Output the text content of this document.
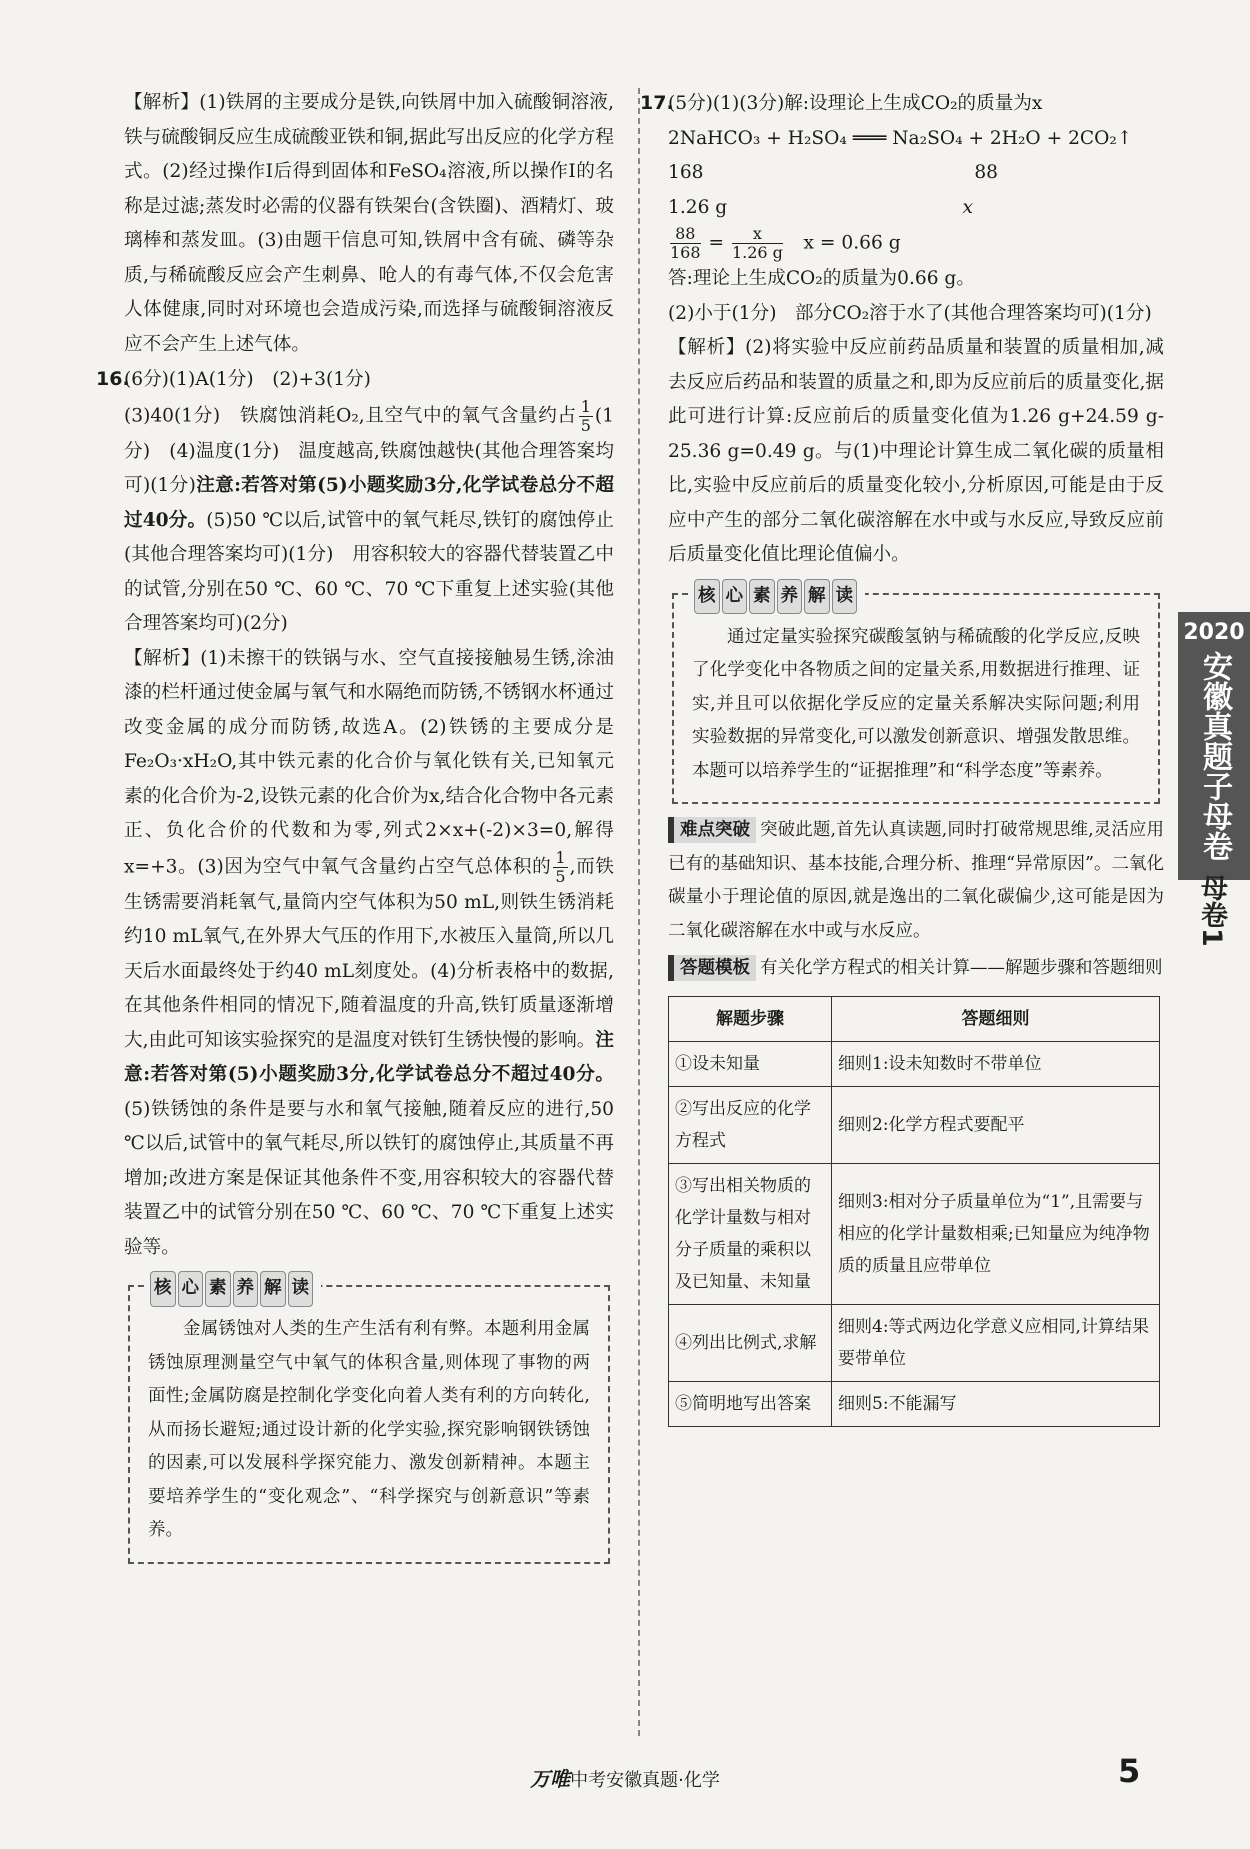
【解析】(1)铁屑的主要成分是铁,向铁屑中加入硫酸铜溶液,铁与硫酸铜反应生成硫酸亚铁和铜,据此写出反应的化学方程式。(2)经过操作Ⅰ后得到固体和FeSO₄溶液,所以操作Ⅰ的名称是过滤;蒸发时必需的仪器有铁架台(含铁圈)、酒精灯、玻璃棒和蒸发皿。(3)由题干信息可知,铁屑中含有硫、磷等杂质,与稀硫酸反应会产生刺鼻、呛人的有毒气体,不仅会危害人体健康,同时对环境也会造成污染,而选择与硫酸铜溶液反应不会产生上述气体。

16.(6分)(1)A(1分)　(2)+3(1分)

(3)40(1分)　铁腐蚀消耗O₂,且空气中的氧气含量约占 $\frac{1}{5} (1$分)　(4)温度(1分)　温度越高,铁腐蚀越快(其他合理答案均可)(1分)注意:若答对第(5)小题奖励3分,化学试卷总分不超过40分。(5)50 ℃以后,试管中的氧气耗尽,铁钉的腐蚀停止(其他合理答案均可)(1分)　用容积较大的容器代替装置乙中的试管,分别在50 ℃、60 ℃、70 ℃下重复上述实验(其他合理答案均可)(2分)

【解析】(1)未擦干的铁锅与水、空气直接接触易生锈,涂油漆的栏杆通过使金属与氧气和水隔绝而防锈,不锈钢水杯通过改变金属的成分而防锈,故选A。(2)铁锈的主要成分是Fe₂O₃·xH₂O,其中铁元素的化合价与氧化铁有关,已知氧元素的化合价为-2,设铁元素的化合价为x,结合化合物中各元素正、负化合价的代数和为零,列式2×x+(-2)×3=0,解得x=+3。(3)因为空气中氧气含量约占空气总体积的 $\frac{1}{5}$ ,而铁生锈需要消耗氧气,量筒内空气体积为50 mL,则铁生锈消耗约10 mL氧气,在外界大气压的作用下,水被压入量筒,所以几天后水面最终处于约40 mL刻度处。(4)分析表格中的数据,在其他条件相同的情况下,随着温度的升高,铁钉质量逐渐增大,由此可知该实验探究的是温度对铁钉生锈快慢的影响。注意:若答对第(5)小题奖励3分,化学试卷总分不超过40分。(5)铁锈蚀的条件是要与水和氧气接触,随着反应的进行,50 ℃以后,试管中的氧气耗尽,所以铁钉的腐蚀停止,其质量不再增加;改进方案是保证其他条件不变,用容积较大的容器代替装置乙中的试管分别在50 ℃、60 ℃、70 ℃下重复上述实验等。

核 心 素 养 解 读

金属锈蚀对人类的生产生活有利有弊。本题利用金属锈蚀原理测量空气中氧气的体积含量,则体现了事物的两面性;金属防腐是控制化学变化向着人类有利的方向转化,从而扬长避短;通过设计新的化学实验,探究影响钢铁锈蚀的因素,可以发展科学探究能力、激发创新精神。本题主要培养学生的“变化观念”、“科学探究与创新意识”等素养。

17.(5分)(1)(3分)解:设理论上生成CO₂的质量为x

2NaHCO₃ + H₂SO₄ ═══ Na₂SO₄ + 2H₂O + 2CO₂↑

168	88
1.26 g	x

$\frac{88}{168} = \frac{x}{1.26 g}$
　 x = 0.66 g

答:理论上生成CO₂的质量为0.66 g。

(2)小于(1分)　部分CO₂溶于水了(其他合理答案均可)(1分)

【解析】(2)将实验中反应前药品质量和装置的质量相加,减去反应后药品和装置的质量之和,即为反应前后的质量变化,据此可进行计算:反应前后的质量变化值为1.26 g+24.59 g-25.36 g=0.49 g。与(1)中理论计算生成二氧化碳的质量相比,实验中反应前后的质量变化较小,分析原因,可能是由于反应中产生的部分二氧化碳溶解在水中或与水反应,导致反应前后质量变化值比理论值偏小。

核 心 素 养 解 读

通过定量实验探究碳酸氢钠与稀硫酸的化学反应,反映了化学变化中各物质之间的定量关系,用数据进行推理、证实,并且可以依据化学反应的定量关系解决实际问题;利用实验数据的异常变化,可以激发创新意识、增强发散思维。本题可以培养学生的“证据推理”和“科学态度”等素养。

难点突破 突破此题,首先认真读题,同时打破常规思维,灵活应用已有的基础知识、基本技能,合理分析、推理“异常原因”。二氧化碳量小于理论值的原因,就是逸出的二氧化碳偏少,这可能是因为二氧化碳溶解在水中或与水反应。

答题模板 有关化学方程式的相关计算——解题步骤和答题细则

解题步骤	答题细则
①设未知量	细则1:设未知数时不带单位
②写出反应的化学方程式	细则2:化学方程式要配平
③写出相关物质的化学计量数与相对分子质量的乘积以及已知量、未知量	细则3:相对分子质量单位为“1”,且需要与相应的化学计量数相乘;已知量应为纯净物质的质量且应带单位
④列出比例式,求解	细则4:等式两边化学意义应相同,计算结果要带单位
⑤简明地写出答案	细则5:不能漏写
2020
安徽真题子母卷
母卷1
万唯中考安徽真题·化学	5
